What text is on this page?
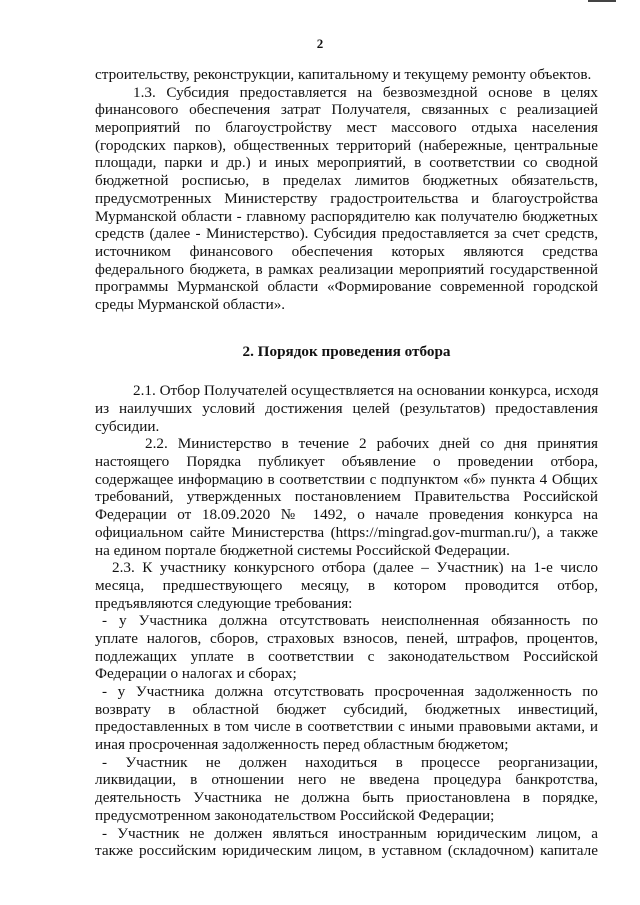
2
строительству, реконструкции, капитальному и текущему ремонту объектов.
1.3. Субсидия предоставляется на безвозмездной основе в целях
финансового обеспечения затрат Получателя, связанных с реализацией
мероприятий по благоустройству мест массового отдыха населения
(городских парков), общественных территорий (набережные, центральные
площади, парки и др.) и иных мероприятий, в соответствии со сводной
бюджетной росписью, в пределах лимитов бюджетных обязательств,
предусмотренных Министерству градостроительства и благоустройства
Мурманской области - главному распорядителю как получателю бюджетных
средств (далее - Министерство). Субсидия предоставляется за счет средств,
источником финансового обеспечения которых являются средства
федерального бюджета, в рамках реализации мероприятий государственной
программы Мурманской области «Формирование современной городской
среды Мурманской области».
2. Порядок проведения отбора
2.1. Отбор Получателей осуществляется на основании конкурса, исходя
из наилучших условий достижения целей (результатов) предоставления
субсидии.
2.2. Министерство в течение 2 рабочих дней со дня принятия
настоящего Порядка публикует объявление о проведении отбора,
содержащее информацию в соответствии с подпунктом «б» пункта 4 Общих
требований, утвержденных постановлением Правительства Российской
Федерации от 18.09.2020 № 1492, о начале проведения конкурса на
официальном сайте Министерства (https://mingrad.gov-murman.ru/), а также
на едином портале бюджетной системы Российской Федерации.
2.3. К участнику конкурсного отбора (далее – Участник) на 1-е число
месяца, предшествующего месяцу, в котором проводится отбор,
предъявляются следующие требования:
- у Участника должна отсутствовать неисполненная обязанность по
уплате налогов, сборов, страховых взносов, пеней, штрафов, процентов,
подлежащих уплате в соответствии с законодательством Российской
Федерации о налогах и сборах;
- у Участника должна отсутствовать просроченная задолженность по
возврату в областной бюджет субсидий, бюджетных инвестиций,
предоставленных в том числе в соответствии с иными правовыми актами, и
иная просроченная задолженность перед областным бюджетом;
- Участник не должен находиться в процессе реорганизации,
ликвидации, в отношении него не введена процедура банкротства,
деятельность Участника не должна быть приостановлена в порядке,
предусмотренном законодательством Российской Федерации;
- Участник не должен являться иностранным юридическим лицом, а
также российским юридическим лицом, в уставном (складочном) капитале
